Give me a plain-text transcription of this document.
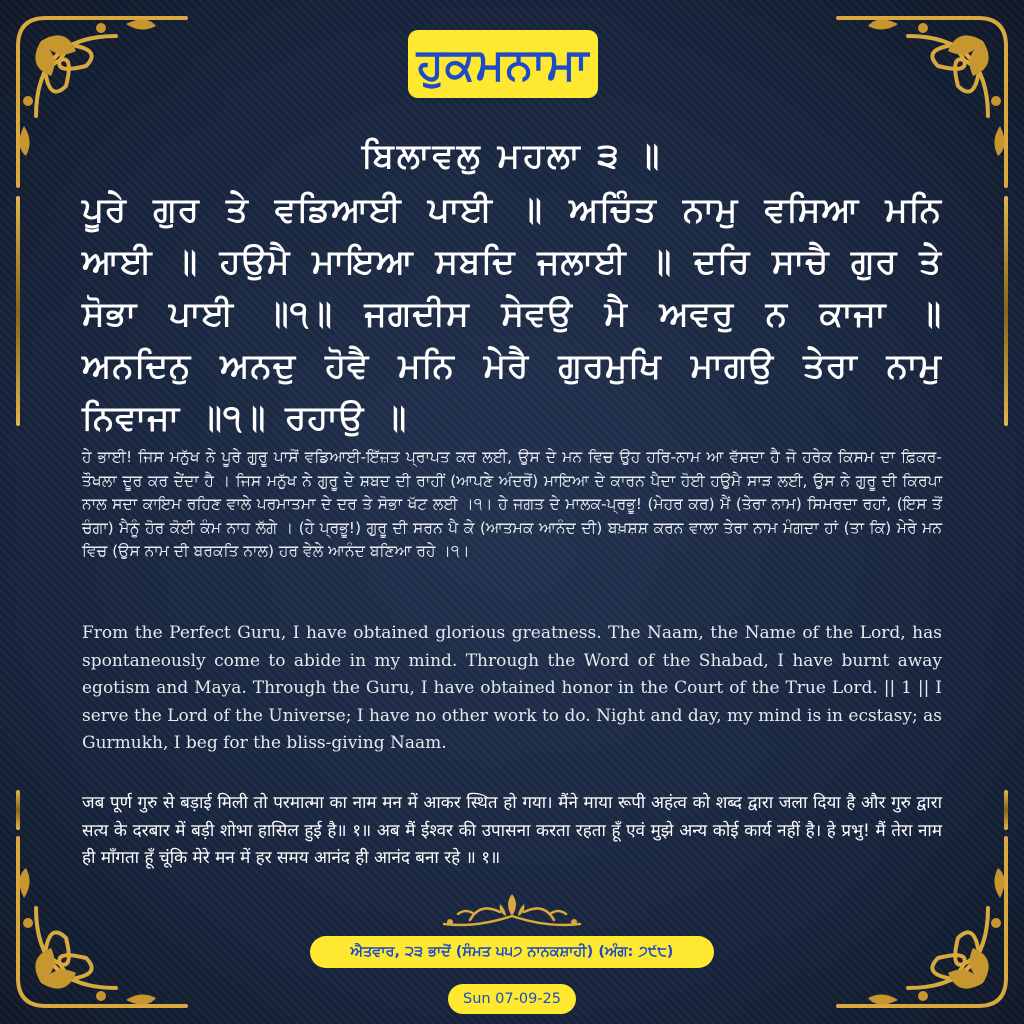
ਹੁਕਮਨਾਮਾ
ਬਿਲਾਵਲੁ ਮਹਲਾ ੩ ॥
ਪੂਰੇ ਗੁਰ ਤੇ ਵਡਿਆਈ ਪਾਈ ॥ ਅਚਿੰਤ ਨਾਮੁ ਵਸਿਆ ਮਨਿ ਆਈ ॥ ਹਉਮੈ ਮਾਇਆ ਸਬਦਿ ਜਲਾਈ ॥ ਦਰਿ ਸਾਚੈ ਗੁਰ ਤੇ ਸੋਭਾ ਪਾਈ ॥੧॥ ਜਗਦੀਸ ਸੇਵਉ ਮੈ ਅਵਰੁ ਨ ਕਾਜਾ ॥ ਅਨਦਿਨੁ ਅਨਦੁ ਹੋਵੈ ਮਨਿ ਮੇਰੈ ਗੁਰਮੁਖਿ ਮਾਗਉ ਤੇਰਾ ਨਾਮੁ ਨਿਵਾਜਾ ॥੧॥ ਰਹਾਉ ॥
ਹੇ ਭਾਈ! ਜਿਸ ਮਨੁੱਖ ਨੇ ਪੂਰੇ ਗੁਰੂ ਪਾਸੋਂ ਵਡਿਆਈ-ਇੱਜ਼ਤ ਪ੍ਰਾਪਤ ਕਰ ਲਈ, ਉਸ ਦੇ ਮਨ ਵਿਚ ਉਹ ਹਰਿ-ਨਾਮ ਆ ਵੱਸਦਾ ਹੈ ਜੋ ਹਰੇਕ ਕਿਸਮ ਦਾ ਫ਼ਿਕਰ-ਤੌਖਲਾ ਦੂਰ ਕਰ ਦੇਂਦਾ ਹੈ । ਜਿਸ ਮਨੁੱਖ ਨੇ ਗੁਰੂ ਦੇ ਸ਼ਬਦ ਦੀ ਰਾਹੀਂ (ਆਪਣੇ ਅੰਦਰੋਂ) ਮਾਇਆ ਦੇ ਕਾਰਨ ਪੈਦਾ ਹੋਈ ਹਉਮੈ ਸਾੜ ਲਈ, ਉਸ ਨੇ ਗੁਰੂ ਦੀ ਕਿਰਪਾ ਨਾਲ ਸਦਾ ਕਾਇਮ ਰਹਿਣ ਵਾਲੇ ਪਰਮਾਤਮਾ ਦੇ ਦਰ ਤੇ ਸੋਭਾ ਖੱਟ ਲਈ ।੧। ਹੇ ਜਗਤ ਦੇ ਮਾਲਕ-ਪ੍ਰਭੂ! (ਮੇਹਰ ਕਰ) ਮੈਂ (ਤੇਰਾ ਨਾਮ) ਸਿਮਰਦਾ ਰਹਾਂ, (ਇਸ ਤੋਂ ਚੰਗਾ) ਮੈਨੂੰ ਹੋਰ ਕੋਈ ਕੰਮ ਨਾਹ ਲੱਗੇ । (ਹੇ ਪ੍ਰਭੂ!) ਗੁਰੂ ਦੀ ਸਰਨ ਪੈ ਕੇ (ਆਤਮਕ ਆਨੰਦ ਦੀ) ਬਖ਼ਸ਼ਸ਼ ਕਰਨ ਵਾਲਾ ਤੇਰਾ ਨਾਮ ਮੰਗਦਾ ਹਾਂ (ਤਾ ਕਿ) ਮੇਰੇ ਮਨ ਵਿਚ (ਉਸ ਨਾਮ ਦੀ ਬਰਕਤਿ ਨਾਲ) ਹਰ ਵੇਲੇ ਆਨੰਦ ਬਣਿਆ ਰਹੇ ।੧।
From the Perfect Guru, I have obtained glorious greatness. The Naam, the Name of the Lord, has spontaneously come to abide in my mind. Through the Word of the Shabad, I have burnt away egotism and Maya. Through the Guru, I have obtained honor in the Court of the True Lord. || 1 || I serve the Lord of the Universe; I have no other work to do. Night and day, my mind is in ecstasy; as Gurmukh, I beg for the bliss-giving Naam.
जब पूर्ण गुरु से बड़ाई मिली तो परमात्मा का नाम मन में आकर स्थित हो गया। मैंने माया रूपी अहंत्व को शब्द द्वारा जला दिया है और गुरु द्वारा सत्य के दरबार में बड़ी शोभा हासिल हुई है॥ १॥ अब मैं ईश्वर की उपासना करता रहता हूँ एवं मुझे अन्य कोई कार्य नहीं है। हे प्रभु! मैं तेरा नाम ही माँगता हूँ चूंकि मेरे मन में हर समय आनंद ही आनंद बना रहे ॥ १॥
ਐਤਵਾਰ, ੨੩ ਭਾਦੋਂ (ਸੰਮਤ ੫੫੭ ਨਾਨਕਸ਼ਾਹੀ) (ਅੰਗ: ੭੯੮)
Sun 07-09-25
